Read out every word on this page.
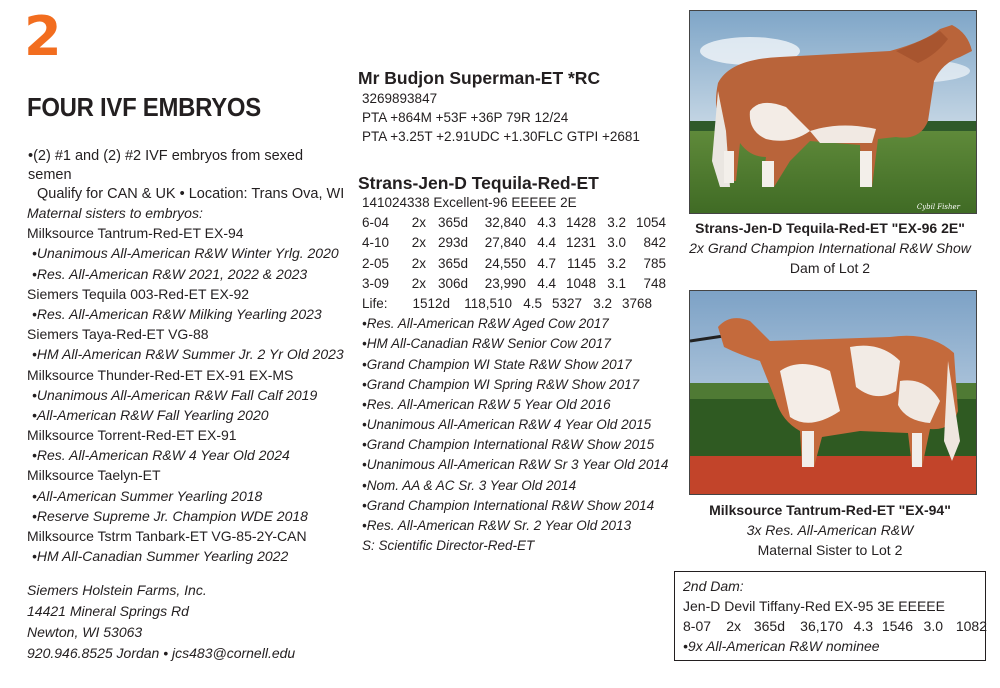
2
FOUR IVF EMBRYOS
•(2) #1 and (2) #2 IVF embryos from sexed semen
Qualify for CAN & UK • Location: Trans Ova, WI
Maternal sisters to embryos:
Milksource Tantrum-Red-ET EX-94
•Unanimous All-American R&W Winter Yrlg. 2020
•Res. All-American R&W 2021, 2022 & 2023
Siemers Tequila 003-Red-ET EX-92
•Res. All-American R&W Milking Yearling 2023
Siemers Taya-Red-ET VG-88
•HM All-American R&W Summer Jr. 2 Yr Old 2023
Milksource Thunder-Red-ET EX-91 EX-MS
•Unanimous All-American R&W Fall Calf 2019
•All-American R&W Fall Yearling 2020
Milksource Torrent-Red-ET EX-91
•Res. All-American R&W 4 Year Old 2024
Milksource Taelyn-ET
•All-American Summer Yearling 2018
•Reserve Supreme Jr. Champion WDE 2018
Milksource Tstrm Tanbark-ET VG-85-2Y-CAN
•HM All-Canadian Summer Yearling 2022
Siemers Holstein Farms, Inc.
14421 Mineral Springs Rd
Newton, WI 53063
920.946.8525 Jordan • jcs483@cornell.edu
Mr Budjon Superman-ET *RC
3269893847
PTA +864M +53F +36P 79R 12/24
PTA +3.25T +2.91UDC +1.30FLC GTPI +2681
Strans-Jen-D Tequila-Red-ET
141024338 Excellent-96 EEEEE 2E
6-04 2x 365d 32,840 4.3 1428 3.2 1054
4-10 2x 293d 27,840 4.4 1231 3.0 842
2-05 2x 365d 24,550 4.7 1145 3.2 785
3-09 2x 306d 23,990 4.4 1048 3.1 748
Life: 1512d 118,510 4.5 5327 3.2 3768
•Res. All-American R&W Aged Cow 2017
•HM All-Canadian R&W Senior Cow 2017
•Grand Champion WI State R&W Show 2017
•Grand Champion WI Spring R&W Show 2017
•Res. All-American R&W 5 Year Old 2016
•Unanimous All-American R&W 4 Year Old 2015
•Grand Champion International R&W Show 2015
•Unanimous All-American R&W Sr 3 Year Old 2014
•Nom. AA & AC Sr. 3 Year Old 2014
•Grand Champion International R&W Show 2014
•Res. All-American R&W Sr. 2 Year Old 2013
S: Scientific Director-Red-ET
Cybil Fisher
Strans-Jen-D Tequila-Red-ET "EX-96 2E"
2x Grand Champion International R&W Show
Dam of Lot 2
Milksource Tantrum-Red-ET "EX-94"
3x Res. All-American R&W
Maternal Sister to Lot 2
2nd Dam:
Jen-D Devil Tiffany-Red EX-95 3E EEEEE
8-07 2x 365d 36,170 4.3 1546 3.0 1082
•9x All-American R&W nominee
